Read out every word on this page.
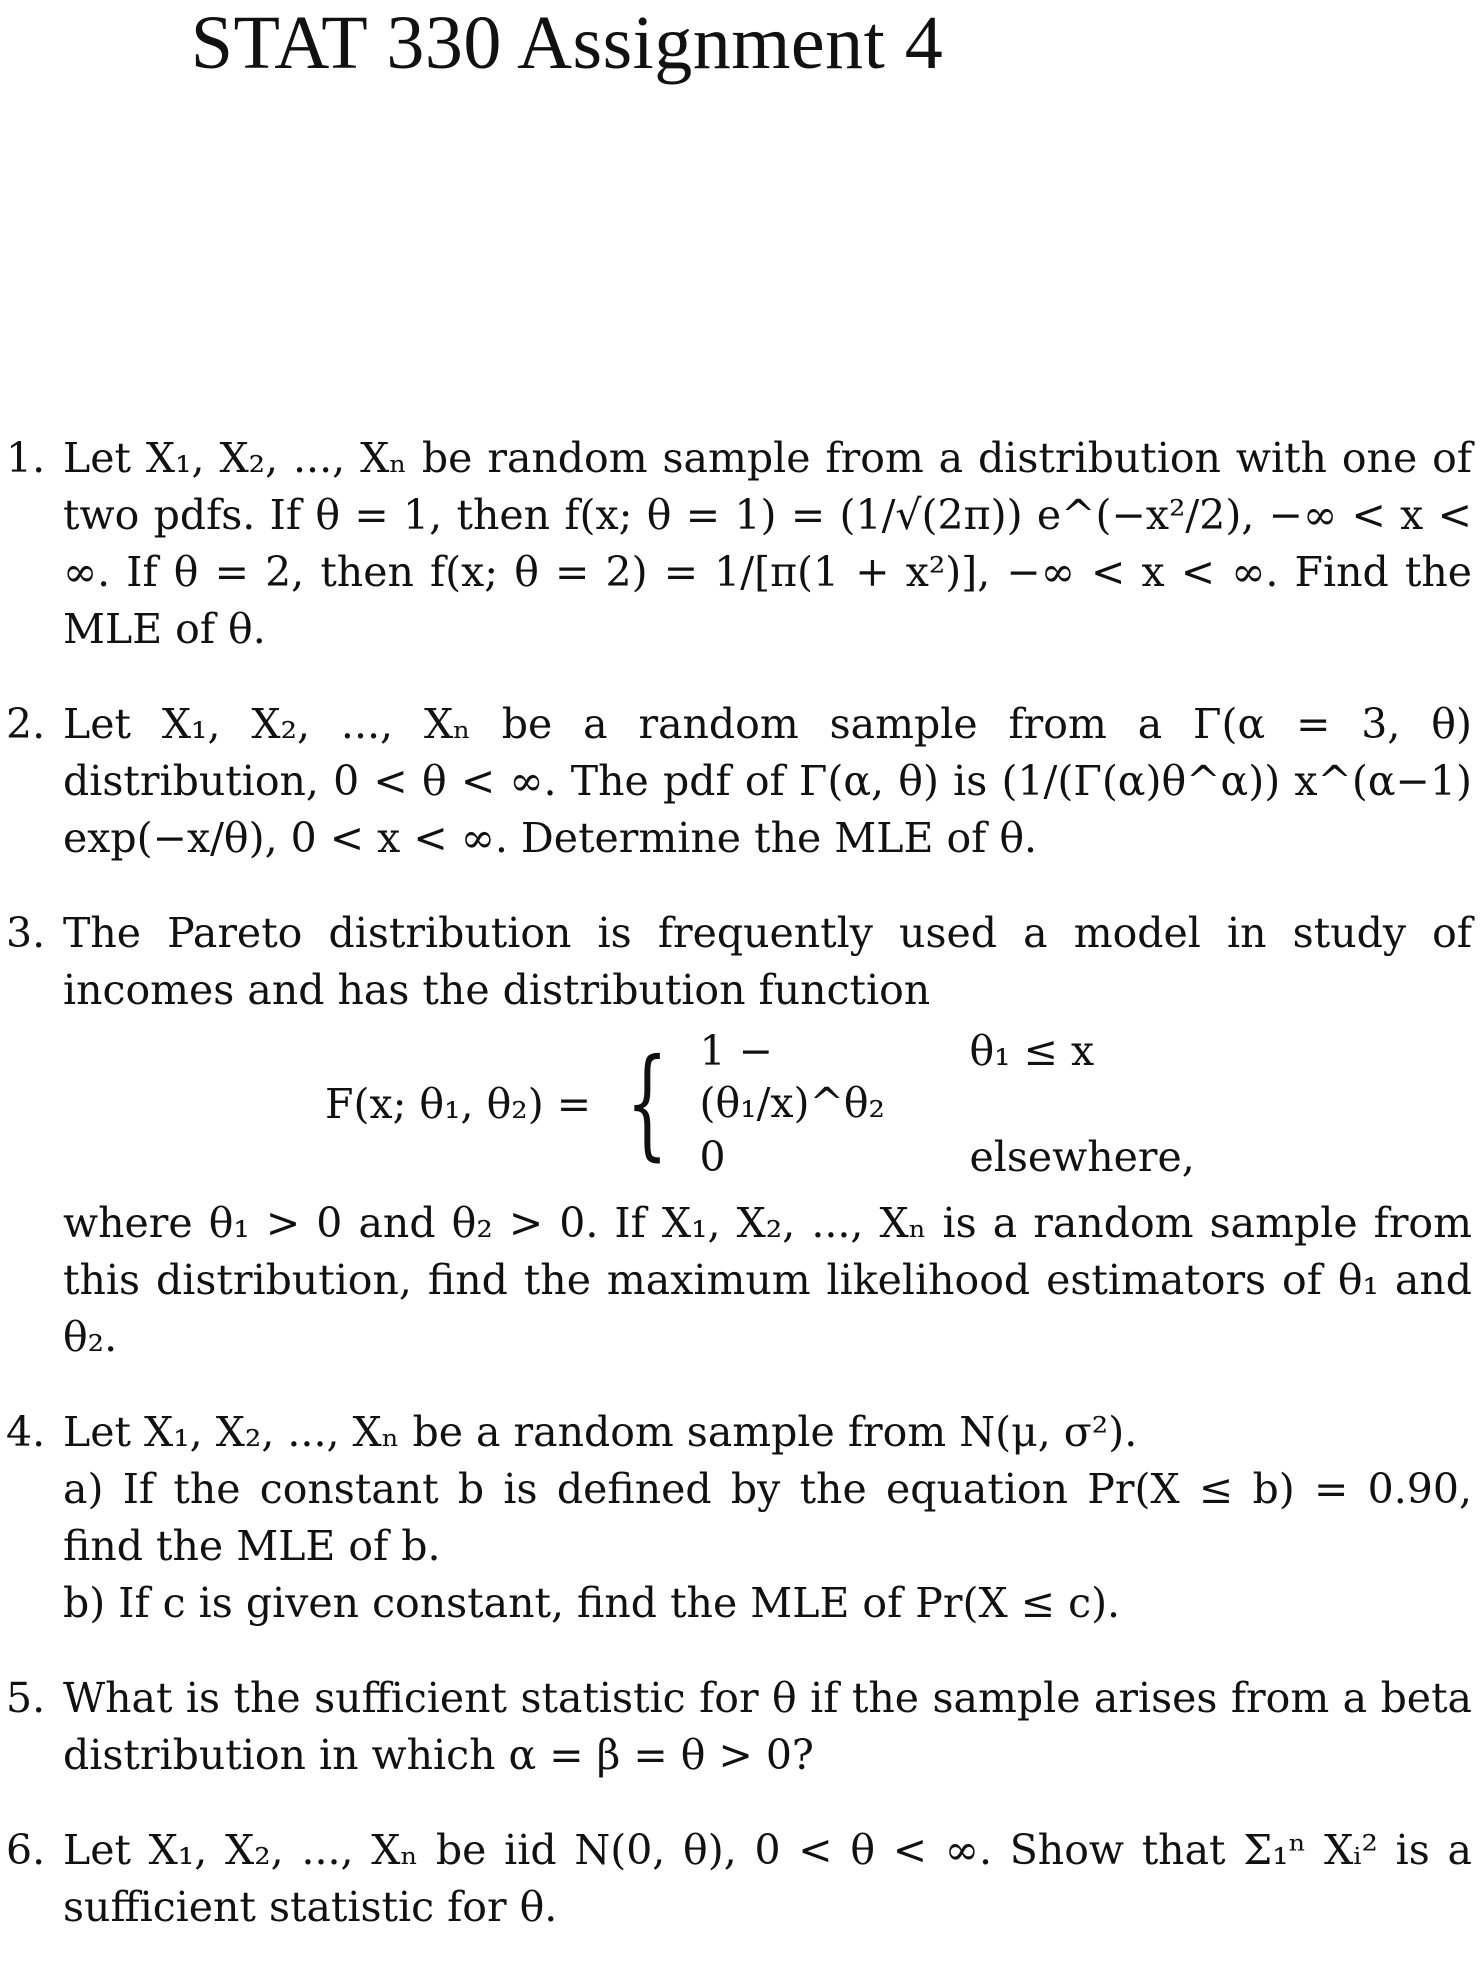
STAT 330 Assignment 4
1. Let X₁, X₂, ..., Xₙ be random sample from a distribution with one of two pdfs. If θ = 1, then f(x; θ = 1) = (1/√(2π)) e^(−x²/2), −∞ < x < ∞. If θ = 2, then f(x; θ = 2) = 1/[π(1 + x²)], −∞ < x < ∞. Find the MLE of θ.
2. Let X₁, X₂, ..., Xₙ be a random sample from a Γ(α = 3, θ) distribution, 0 < θ < ∞. The pdf of Γ(α, θ) is (1/(Γ(α)θ^α)) x^(α−1) exp(−x/θ), 0 < x < ∞. Determine the MLE of θ.
3. The Pareto distribution is frequently used a model in study of incomes and has the distribution function
F(x; θ₁, θ₂) = { 1 − (θ₁/x)^θ₂
θ₁ ≤ x
0	elsewhere,
where θ₁ > 0 and θ₂ > 0. If X₁, X₂, ..., Xₙ is a random sample from this distribution, find the maximum likelihood estimators of θ₁ and θ₂.
4. Let X₁, X₂, ..., Xₙ be a random sample from N(μ, σ²).
a) If the constant b is defined by the equation Pr(X ≤ b) = 0.90, find the MLE of b.
b) If c is given constant, find the MLE of Pr(X ≤ c).
5. What is the sufficient statistic for θ if the sample arises from a beta distribution in which α = β = θ > 0?
6. Let X₁, X₂, ..., Xₙ be iid N(0, θ), 0 < θ < ∞. Show that Σ₁ⁿ Xᵢ² is a sufficient statistic for θ.
